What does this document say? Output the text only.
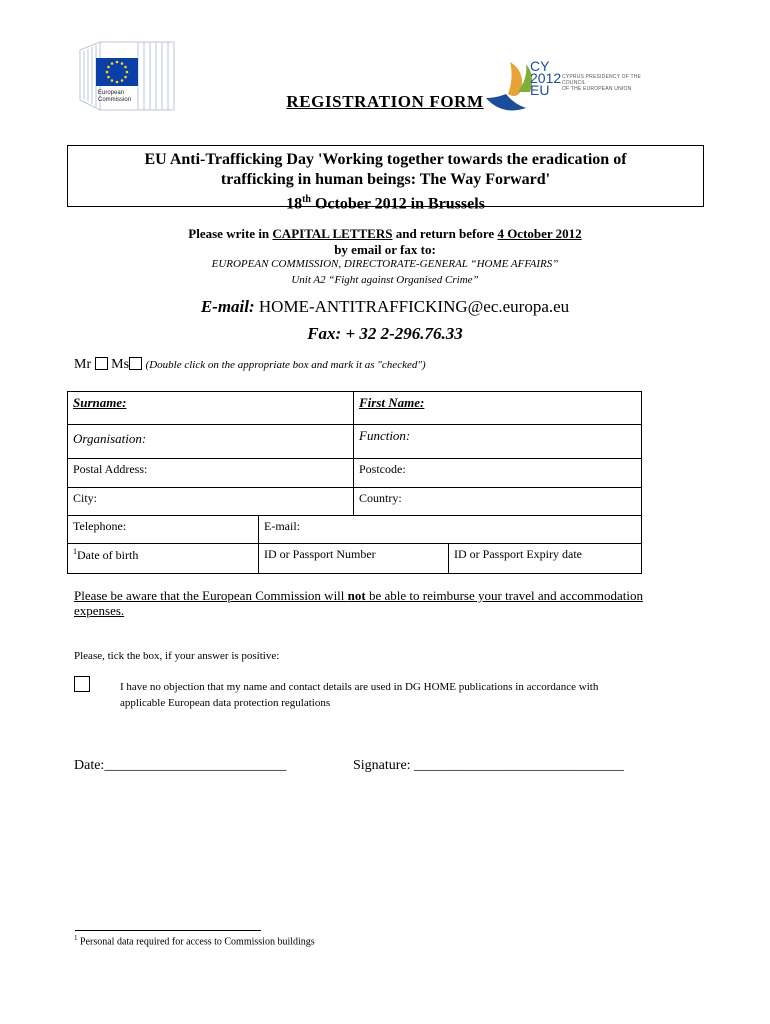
European
Commission
CY
2012
EU
CYPRUS PRESIDENCY OF THE COUNCIL
OF THE EUROPEAN UNION
REGISTRATION FORM

EU Anti-Trafficking Day 'Working together towards the eradication of

trafficking in human beings: The Way Forward'

18th October 2012 in Brussels

Please write in CAPITAL LETTERS and return before 4 October 2012
by email or fax to:
EUROPEAN COMMISSION, DIRECTORATE-GENERAL “HOME AFFAIRS”
Unit A2 “Fight against Organised Crime”
E-mail: HOME-ANTITRAFFICKING@ec.europa.eu
Fax: + 32 2-296.76.33
Mr Ms (Double click on the appropriate box and mark it as "checked")
Surname:	First Name:
Organisation:	Function:
Postal Address:	Postcode:
City:	Country:
Telephone:	E-mail:
$^1$Date of birth	ID or Passport Number	ID or Passport Expiry date
Please be aware that the European Commission will not be able to reimburse your travel and accommodation
expenses.
Please, tick the box, if your answer is positive:
I have no objection that my name and contact details are used in DG HOME publications in accordance with
applicable European data protection regulations
Date:__________________________	Signature: ______________________________
$^1$ Personal data required for access to Commission buildings
